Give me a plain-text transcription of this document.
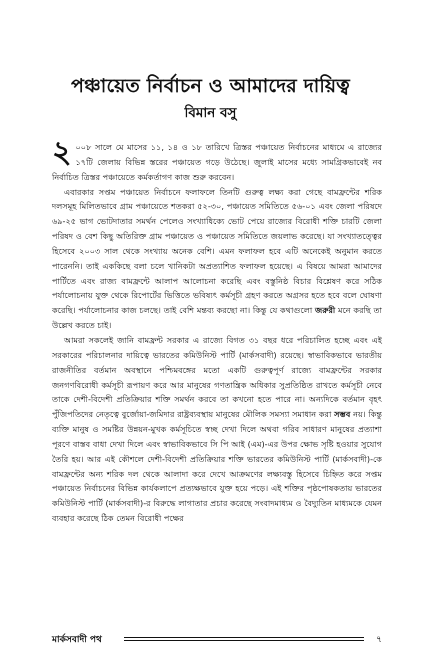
পঞ্চায়েত নির্বাচন ও আমাদের দায়িত্ব
বিমান বসু

২ ০০৮ সালে মে মাসের ১১, ১৪ ও ১৮ তারিখে ত্রিস্তর পঞ্চায়েত নির্বাচনের মাধ্যমে এ রাজ্যের ১৭টি জেলায় বিভিন্ন স্তরের পঞ্চায়েত গড়ে উঠেছে। জুলাই মাসের মধ্যে সামগ্রিকভাবেই নব নির্বাচিত ত্রিস্তর পঞ্চায়েতে কর্মকর্তাগণ কাজ শুরু করবেন।

এবারকার সপ্তম পঞ্চায়েত নির্বাচনে ফলাফলে তিনটি গুরুত্ব লক্ষ্য করা গেছে বামফ্রন্টের শরিক দলসমূহ মিলিতভাবে গ্রাম পঞ্চায়েতে শতকরা ৫২-৩০, পঞ্চায়েত সমিতিতে ৫৬-০১ এবং জেলা পরিষদে ৬৯-২৫ ভাগ ভোটদাতার সমর্থন পেলেও সংখ্যাধিক্যে ভোট পেয়ে রাজ্যের বিরোধী শক্তি চারটি জেলা পরিষদ ও বেশ কিছু অতিরিক্ত গ্রাম পঞ্চায়েত ও পঞ্চায়েত সমিতিতে জয়লাভ করেছে। যা সংখ্যাতত্ত্বের হিসেবে ২০০৩ সাল থেকে সংখ্যায় অনেক বেশি। এমন ফলাফল হবে এটি অনেকেই অনুমান করতে পারেননি। তাই এককিছে বলা চলে খানিকটা অপ্রত্যাশিত ফলাফল হয়েছে। এ বিষয়ে আমরা আমাদের পার্টিতে এবং রাজ্য বামফ্রন্টে আলাপ আলোচনা করেছি এবং বস্তুনিষ্ঠ বিচার বিশ্লেষণ করে সঠিক পর্যালোচনায় যুক্ত থেকে রিপোর্টের ভিত্তিতে ভবিষ্যৎ কর্মসূচী গ্রহণ করতে অগ্রসর হতে হবে বলে ঘোষণা করেছি। পর্যালোচনার কাজ চলছে। তাই বেশি মন্তব্য করছো না। কিন্তু যে কথাগুলো জরুরী মনে করছি তা উল্লেখ করতে চাই।

আমরা সকলেই জানি বামফ্রন্ট সরকার এ রাজ্যে বিগত ৩১ বছর ধরে পরিচালিত হচ্ছে এবং এই সরকারের পরিচালনার দায়িত্বে ভারতের কমিউনিস্ট পার্টি (মার্কসবাদী) রয়েছে। স্বাভাবিকভাবে ভারতীয় রাজনীতির বর্তমান অবস্থানে পশ্চিমবঙ্গের মতো একটি গুরুত্বপূর্ণ রাজ্যে বামফ্রন্টের সরকার জনগণবিরোধী কর্মসূচী রূপায়ণ করে আর মানুষের গণতান্ত্রিক অধিকার সুপ্রতিষ্ঠিত রাখতে কর্মসূচী নেবে তাকে দেশী-বিদেশী প্রতিক্রিয়ার শক্তি সমর্থন করবে তা কখনো হতে পারে না। অন্যদিকে বর্তমান বৃহৎ পুঁজিপতিদের নেতৃত্বে বুর্জোয়া-জমিদার রাষ্ট্রব্যবস্থায় মানুষের মৌলিক সমস্যা সমাধান করা সম্ভব নয়। কিন্তু ব্যক্তি মানুষ ও সমষ্টির উন্নয়ন-মুখক কর্মসূচিতে স্বচ্ছ দেখা দিলে অথবা গরিব সাধারণ মানুষের প্রত্যাশা পূরণে বাস্তব বাধা দেখা দিলে এবং স্বাভাবিকভাবে সি পি আই (এম)-এর উপর ক্ষোভ সৃষ্টি হওয়ার সুযোগ তৈরি হয়। আর এই কৌশলে দেশী-বিদেশী প্রতিক্রিয়ার শক্তি ভারতের কমিউনিস্ট পার্টি (মার্কসবাদী)-কে বামফ্রন্টের অন্য শরিক দল থেকে আলাদা করে দেখে আক্রমণের লক্ষ্যবস্তু হিসেবে চিহ্নিত করে সপ্তম পঞ্চায়েত নির্বাচনের বিভিন্ন কার্যকলাপে প্রত্যক্ষভাবে যুক্ত হয়ে পড়ে। এই শক্তির পৃষ্ঠপোষকতায় ভারতের কমিউনিস্ট পার্টি (মার্কসবাদী)-র বিরুদ্ধে লাগাতার প্রচার করেছে সংবাদমাধ্যম ও বৈদ্যুতিন মাধ্যমকে যেমন ব্যবহার করেছে ঠিক তেমন বিরোধী পক্ষের

মার্কসবাদী পথ	৭
